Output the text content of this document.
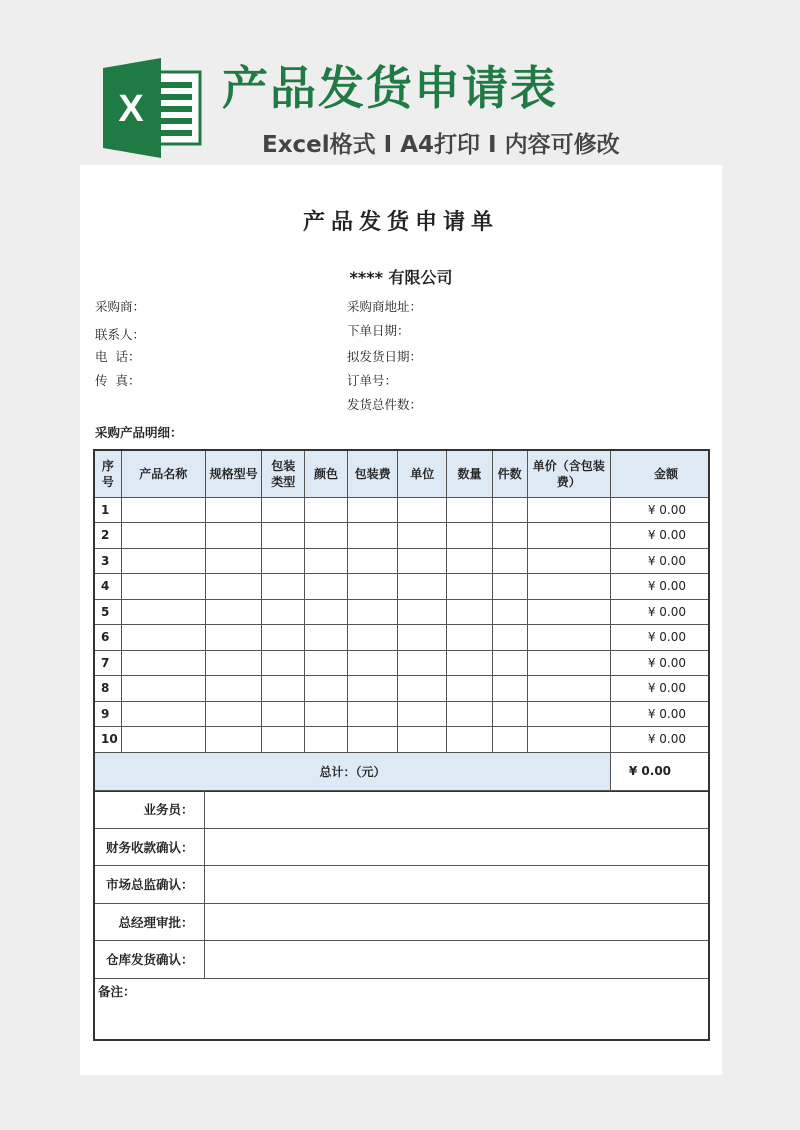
X 产品发货申请表
Excel格式 I A4打印 I 内容可修改
产品发货申请单
**** 有限公司
采购商：
联系人：
电  话：
传  真：
采购商地址：
下单日期：
拟发货日期：
订单号：
发货总件数：
采购产品明细：
序号	产品名称	规格型号	包装类型	颜色	包装费	单位	数量	件数	单价（含包装费）	金额
1										¥ 0.00
2										¥ 0.00
3										¥ 0.00
4										¥ 0.00
5										¥ 0.00
6										¥ 0.00
7										¥ 0.00
8										¥ 0.00
9										¥ 0.00
10										¥ 0.00
总计：（元）										¥ 0.00
业务员：	
财务收款确认：	
市场总监确认：	
总经理审批：	
仓库发货确认：	
备注：	
